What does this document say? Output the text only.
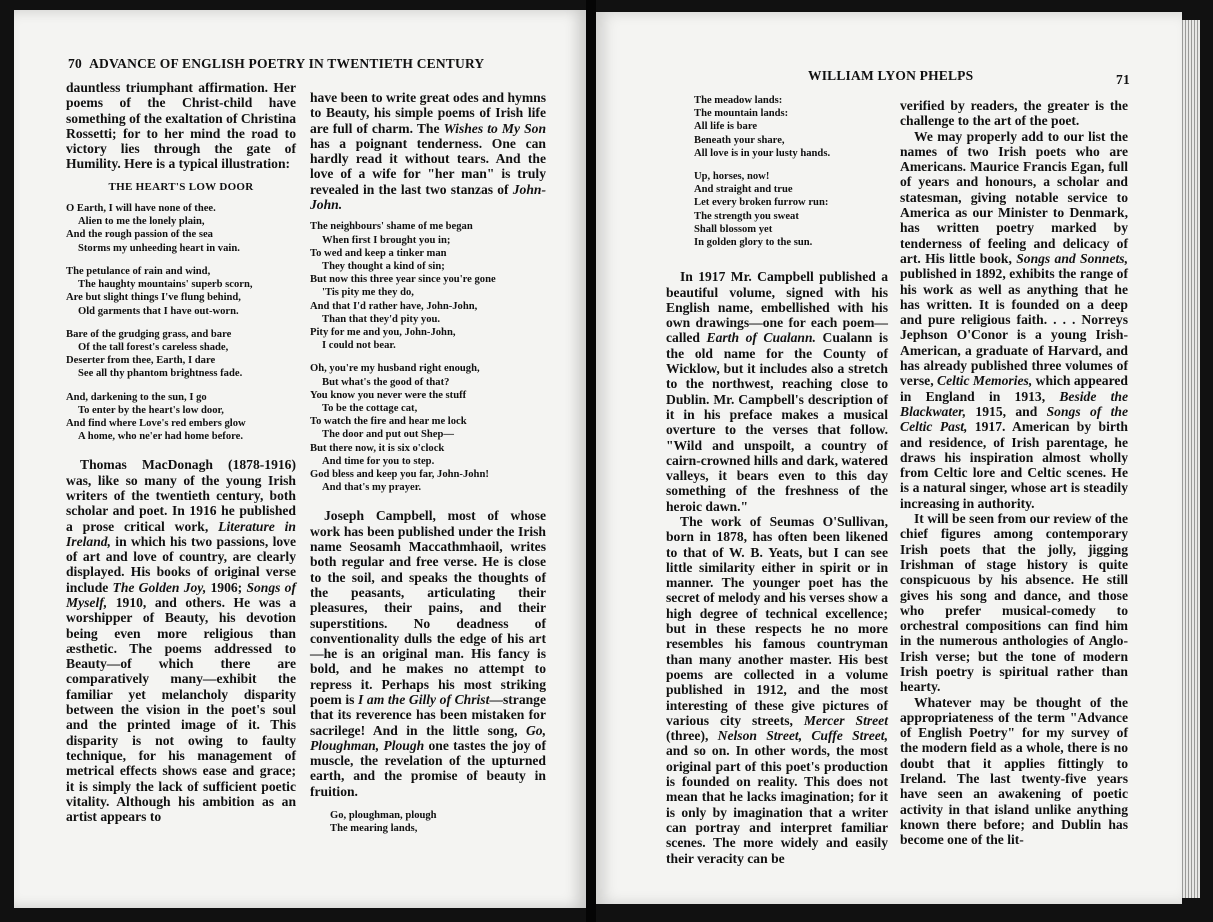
70 ADVANCE OF ENGLISH POETRY IN TWENTIETH CENTURY

dauntless triumphant affirmation. Her poems of the Christ-child have something of the exaltation of Christina Rossetti; for to her mind the road to victory lies through the gate of Humility. Here is a typical illustration:

THE HEART'S LOW DOOR
O Earth, I will have none of thee.
Alien to me the lonely plain,
And the rough passion of the sea
Storms my unheeding heart in vain.
The petulance of rain and wind,
The haughty mountains' superb scorn,
Are but slight things I've flung behind,
Old garments that I have out-worn.
Bare of the grudging grass, and bare
Of the tall forest's careless shade,
Deserter from thee, Earth, I dare
See all thy phantom brightness fade.
And, darkening to the sun, I go
To enter by the heart's low door,
And find where Love's red embers glow
A home, who ne'er had home before.

Thomas MacDonagh (1878-1916) was, like so many of the young Irish writers of the twentieth century, both scholar and poet. In 1916 he published a prose critical work, Literature in Ireland, in which his two passions, love of art and love of country, are clearly displayed. His books of original verse include The Golden Joy, 1906; Songs of Myself, 1910, and others. He was a worshipper of Beauty, his devotion being even more religious than æsthetic. The poems addressed to Beauty—of which there are comparatively many—exhibit the familiar yet melancholy disparity between the vision in the poet's soul and the printed image of it. This disparity is not owing to faulty technique, for his management of metrical effects shows ease and grace; it is simply the lack of sufficient poetic vitality. Although his ambition as an artist appears to

have been to write great odes and hymns to Beauty, his simple poems of Irish life are full of charm. The Wishes to My Son has a poignant tenderness. One can hardly read it without tears. And the love of a wife for "her man" is truly revealed in the last two stanzas of John-John.

The neighbours' shame of me began
When first I brought you in;
To wed and keep a tinker man
They thought a kind of sin;
But now this three year since you're gone
'Tis pity me they do,
And that I'd rather have, John-John,
Than that they'd pity you.
Pity for me and you, John-John,
I could not bear.
Oh, you're my husband right enough,
But what's the good of that?
You know you never were the stuff
To be the cottage cat,
To watch the fire and hear me lock
The door and put out Shep—
But there now, it is six o'clock
And time for you to step.
God bless and keep you far, John-John!
And that's my prayer.

Joseph Campbell, most of whose work has been published under the Irish name Seosamh Maccathmhaoil, writes both regular and free verse. He is close to the soil, and speaks the thoughts of the peasants, articulating their pleasures, their pains, and their superstitions. No deadness of conventionality dulls the edge of his art—he is an original man. His fancy is bold, and he makes no attempt to repress it. Perhaps his most striking poem is I am the Gilly of Christ—strange that its reverence has been mistaken for sacrilege! And in the little song, Go, Ploughman, Plough one tastes the joy of muscle, the revelation of the upturned earth, and the promise of beauty in fruition.

Go, ploughman, plough
The mearing lands,
WILLIAM LYON PHELPS	71
The meadow lands:
The mountain lands:
All life is bare
Beneath your share,
All love is in your lusty hands.
Up, horses, now!
And straight and true
Let every broken furrow run:
The strength you sweat
Shall blossom yet
In golden glory to the sun.

In 1917 Mr. Campbell published a beautiful volume, signed with his English name, embellished with his own drawings—one for each poem—called Earth of Cualann. Cualann is the old name for the County of Wicklow, but it includes also a stretch to the northwest, reaching close to Dublin. Mr. Campbell's description of it in his preface makes a musical overture to the verses that follow. "Wild and unspoilt, a country of cairn-crowned hills and dark, watered valleys, it bears even to this day something of the freshness of the heroic dawn."

The work of Seumas O'Sullivan, born in 1878, has often been likened to that of W. B. Yeats, but I can see little similarity either in spirit or in manner. The younger poet has the secret of melody and his verses show a high degree of technical excellence; but in these respects he no more resembles his famous countryman than many another master. His best poems are collected in a volume published in 1912, and the most interesting of these give pictures of various city streets, Mercer Street (three), Nelson Street, Cuffe Street, and so on. In other words, the most original part of this poet's production is founded on reality. This does not mean that he lacks imagination; for it is only by imagination that a writer can portray and interpret familiar scenes. The more widely and easily their veracity can be

verified by readers, the greater is the challenge to the art of the poet.

We may properly add to our list the names of two Irish poets who are Americans. Maurice Francis Egan, full of years and honours, a scholar and statesman, giving notable service to America as our Minister to Denmark, has written poetry marked by tenderness of feeling and delicacy of art. His little book, Songs and Sonnets, published in 1892, exhibits the range of his work as well as anything that he has written. It is founded on a deep and pure religious faith. . . . Norreys Jephson O'Conor is a young Irish-American, a graduate of Harvard, and has already published three volumes of verse, Celtic Memories, which appeared in England in 1913, Beside the Blackwater, 1915, and Songs of the Celtic Past, 1917. American by birth and residence, of Irish parentage, he draws his inspiration almost wholly from Celtic lore and Celtic scenes. He is a natural singer, whose art is steadily increasing in authority.

It will be seen from our review of the chief figures among contemporary Irish poets that the jolly, jigging Irishman of stage history is quite conspicuous by his absence. He still gives his song and dance, and those who prefer musical-comedy to orchestral compositions can find him in the numerous anthologies of Anglo-Irish verse; but the tone of modern Irish poetry is spiritual rather than hearty.

Whatever may be thought of the appropriateness of the term "Advance of English Poetry" for my survey of the modern field as a whole, there is no doubt that it applies fittingly to Ireland. The last twenty-five years have seen an awakening of poetic activity in that island unlike anything known there before; and Dublin has become one of the lit-
